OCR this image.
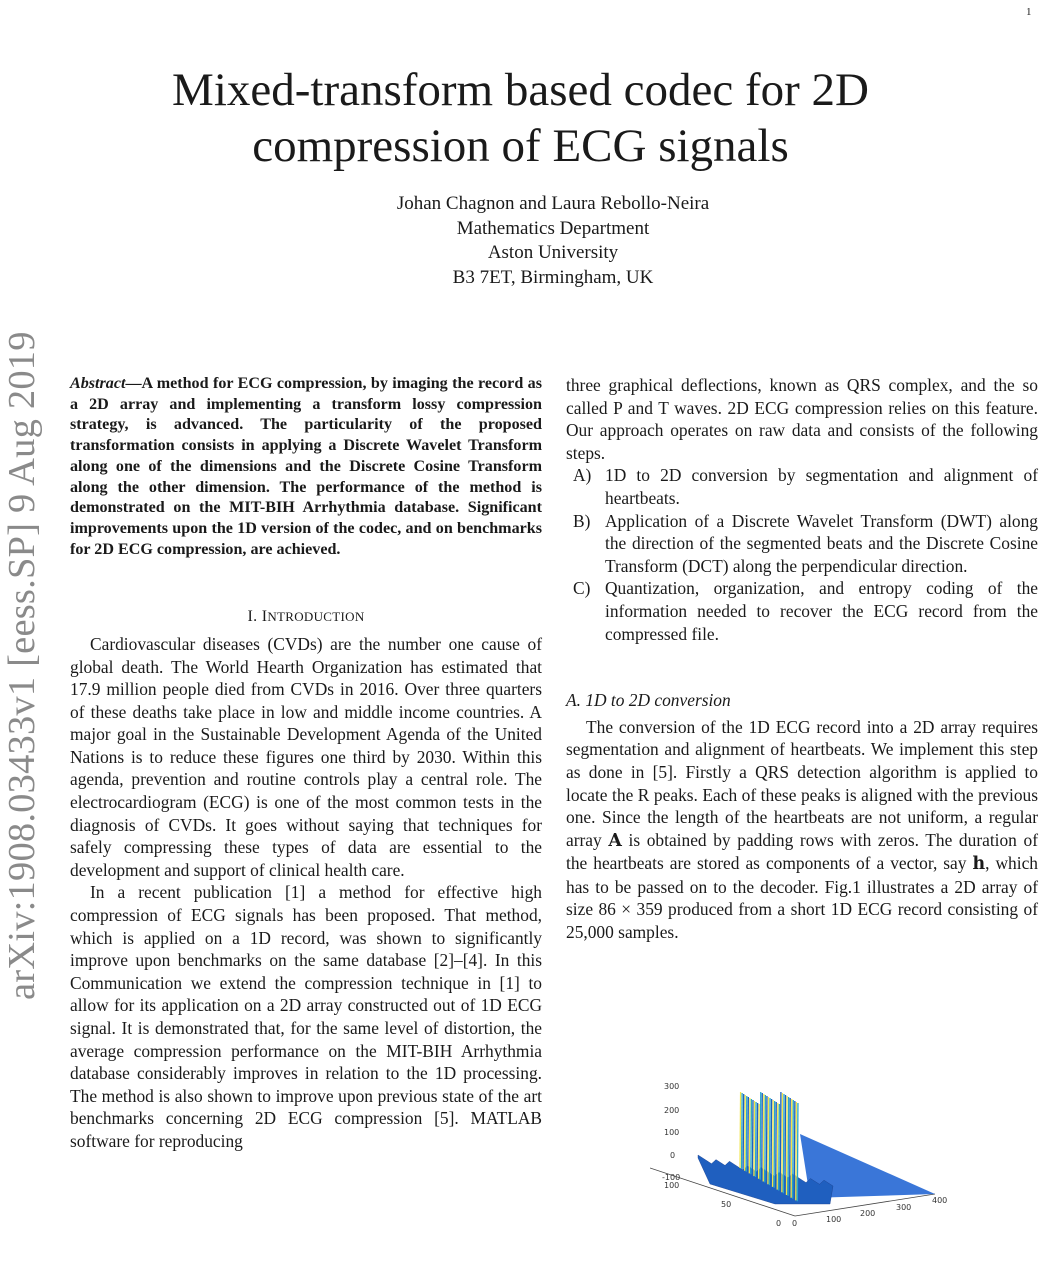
1
arXiv:1908.03433v1 [eess.SP] 9 Aug 2019
Mixed-transform based codec for 2D
compression of ECG signals
Johan Chagnon and Laura Rebollo-Neira
Mathematics Department
Aston University
B3 7ET, Birmingham, UK

Abstract—A method for ECG compression, by imaging the record as a 2D array and implementing a transform lossy compression strategy, is advanced. The particularity of the proposed transformation consists in applying a Discrete Wavelet Transform along one of the dimensions and the Discrete Cosine Transform along the other dimension. The performance of the method is demonstrated on the MIT-BIH Arrhythmia database. Significant improvements upon the 1D version of the codec, and on benchmarks for 2D ECG compression, are achieved.

I. INTRODUCTION

Cardiovascular diseases (CVDs) are the number one cause of global death. The World Hearth Organization has estimated that 17.9 million people died from CVDs in 2016. Over three quarters of these deaths take place in low and middle income countries. A major goal in the Sustainable Development Agenda of the United Nations is to reduce these figures one third by 2030. Within this agenda, prevention and routine controls play a central role. The electrocardiogram (ECG) is one of the most common tests in the diagnosis of CVDs. It goes without saying that techniques for safely compressing these types of data are essential to the development and support of clinical health care.

In a recent publication [1] a method for effective high compression of ECG signals has been proposed. That method, which is applied on a 1D record, was shown to significantly improve upon benchmarks on the same database [2]–[4]. In this Communication we extend the compression technique in [1] to allow for its application on a 2D array constructed out of 1D ECG signal. It is demonstrated that, for the same level of distortion, the average compression performance on the MIT-BIH Arrhythmia database considerably improves in relation to the 1D processing. The method is also shown to improve upon previous state of the art benchmarks concerning 2D ECG compression [5]. MATLAB software for reproducing

three graphical deflections, known as QRS complex, and the so called P and T waves. 2D ECG compression relies on this feature. Our approach operates on raw data and consists of the following steps.

A) 1D to 2D conversion by segmentation and alignment of heartbeats.
B) Application of a Discrete Wavelet Transform (DWT) along the direction of the segmented beats and the Discrete Cosine Transform (DCT) along the perpendicular direction.
C) Quantization, organization, and entropy coding of the information needed to recover the ECG record from the compressed file.
A. 1D to 2D conversion

The conversion of the 1D ECG record into a 2D array requires segmentation and alignment of heartbeats. We implement this step as done in [5]. Firstly a QRS detection algorithm is applied to locate the R peaks. Each of these peaks is aligned with the previous one. Since the length of the heartbeats are not uniform, a regular array A is obtained by padding rows with zeros. The duration of the heartbeats are stored as components of a vector, say h, which has to be passed on to the decoder. Fig.1 illustrates a 2D array of size 86 × 359 produced from a short 1D ECG record consisting of 25,000 samples.

300
200
100
0
-100
100
50
0 0	100
200
300
400
